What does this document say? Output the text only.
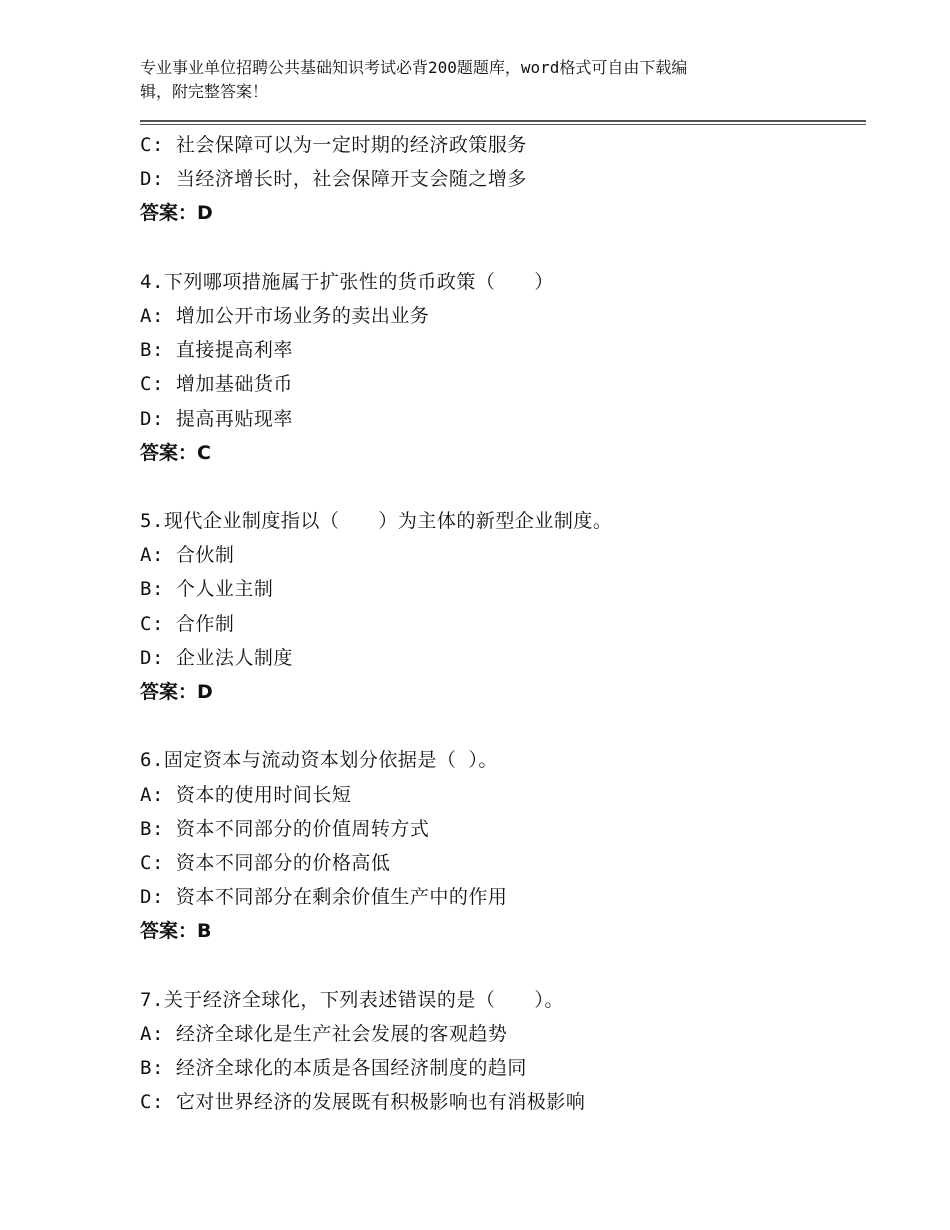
专业事业单位招聘公共基础知识考试必背200题题库，word格式可自由下载编
辑，附完整答案！
C: 社会保障可以为一定时期的经济政策服务
D: 当经济增长时，社会保障开支会随之增多
答案：D
4.下列哪项措施属于扩张性的货币政策（　　）
A: 增加公开市场业务的卖出业务
B: 直接提高利率
C: 增加基础货币
D: 提高再贴现率
答案：C
5.现代企业制度指以（　　）为主体的新型企业制度。
A: 合伙制
B: 个人业主制
C: 合作制
D: 企业法人制度
答案：D
6.固定资本与流动资本划分依据是（ ）。
A: 资本的使用时间长短
B: 资本不同部分的价值周转方式
C: 资本不同部分的价格高低
D: 资本不同部分在剩余价值生产中的作用
答案：B
7.关于经济全球化，下列表述错误的是（　　）。
A: 经济全球化是生产社会发展的客观趋势
B: 经济全球化的本质是各国经济制度的趋同
C: 它对世界经济的发展既有积极影响也有消极影响
